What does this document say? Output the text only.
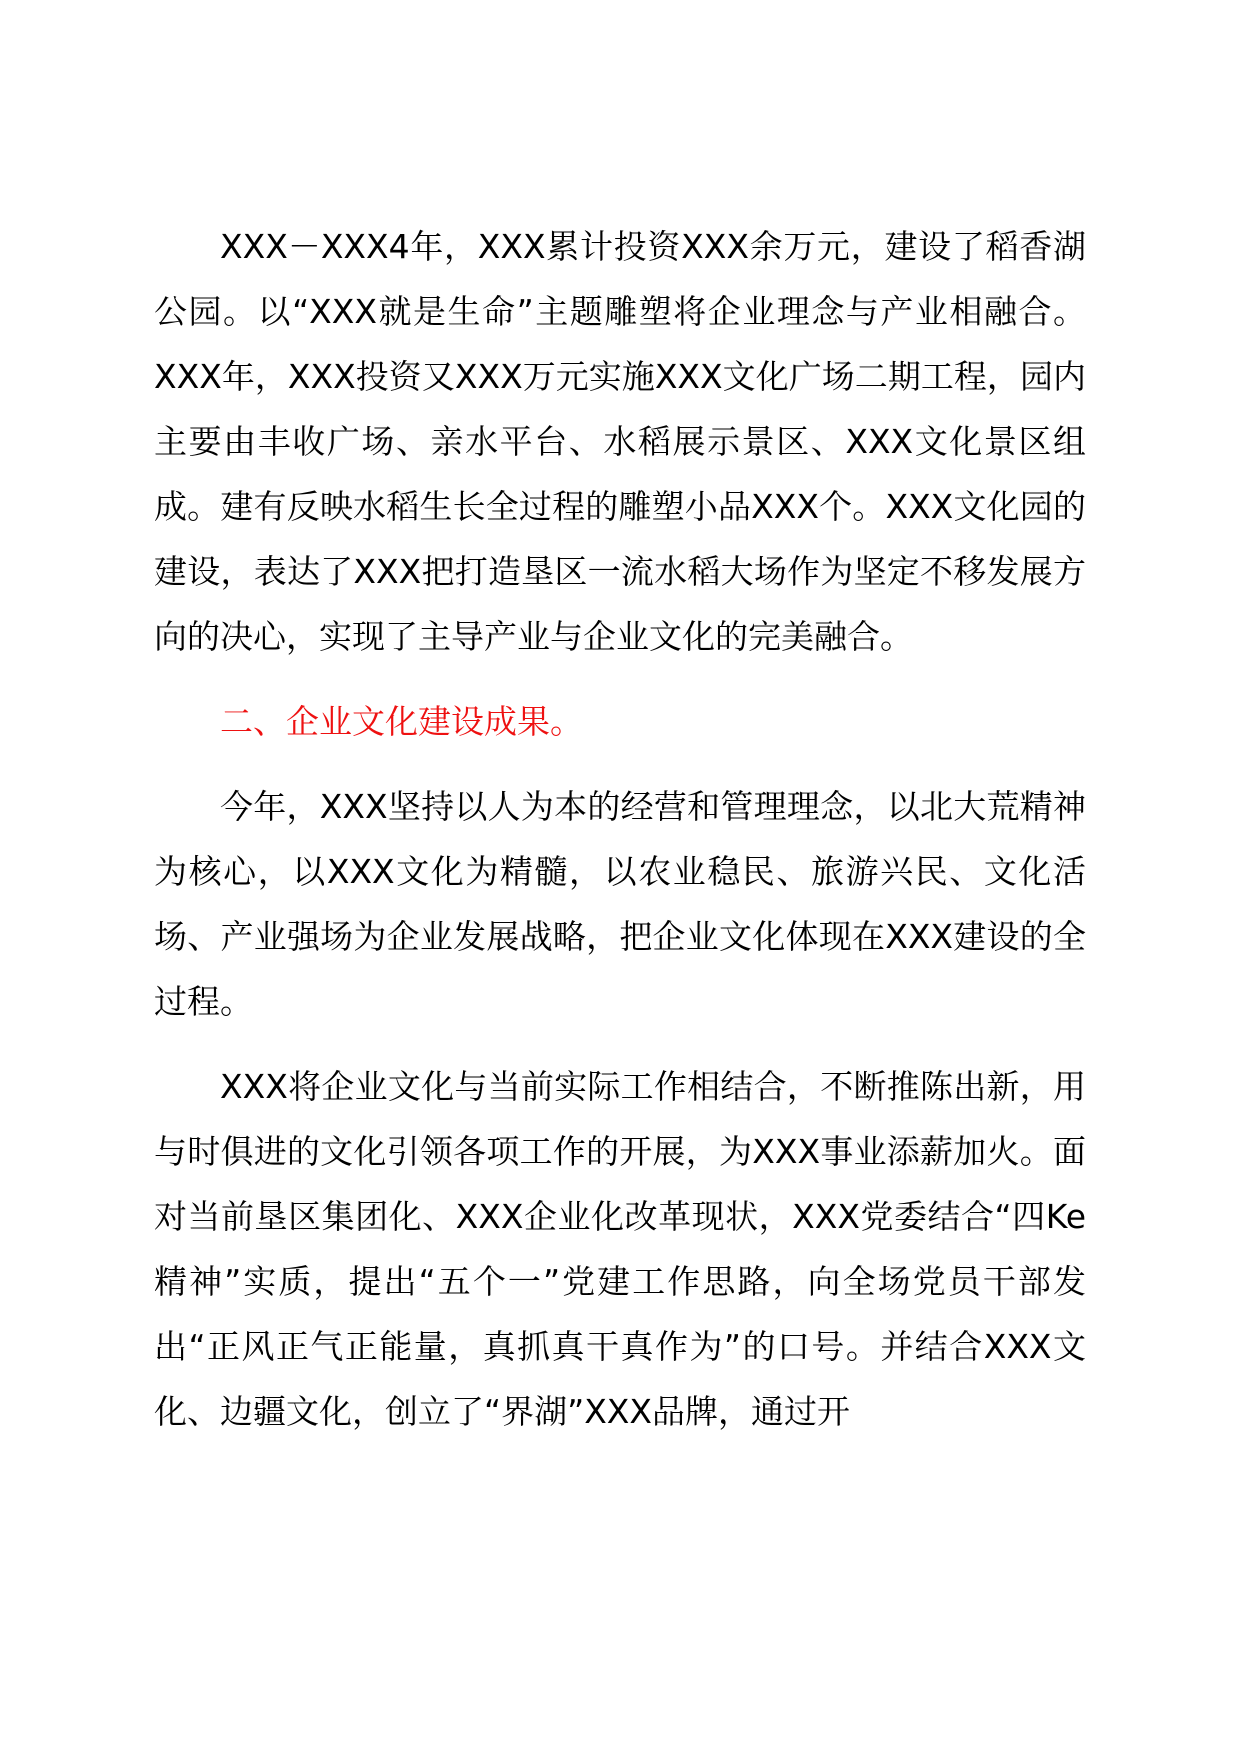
XXX－XXX4年，XXX累计投资XXX余万元，建设了稻香湖公园。以“XXX就是生命”主题雕塑将企业理念与产业相融合。XXX年，XXX投资又XXX万元实施XXX文化广场二期工程，园内主要由丰收广场、亲水平台、水稻展示景区、XXX文化景区组成。建有反映水稻生长全过程的雕塑小品XXX个。XXX文化园的建设，表达了XXX把打造垦区一流水稻大场作为坚定不移发展方向的决心，实现了主导产业与企业文化的完美融合。

二、企业文化建设成果。

今年，XXX坚持以人为本的经营和管理理念，以北大荒精神为核心，以XXX文化为精髓，以农业稳民、旅游兴民、文化活场、产业强场为企业发展战略，把企业文化体现在XXX建设的全过程。

XXX将企业文化与当前实际工作相结合，不断推陈出新，用与时俱进的文化引领各项工作的开展，为XXX事业添薪加火。面对当前垦区集团化、XXX企业化改革现状，XXX党委结合“四Ke精神”实质，提出“五个一”党建工作思路，向全场党员干部发出“正风正气正能量，真抓真干真作为”的口号。并结合XXX文化、边疆文化，创立了“界湖”XXX品牌，通过开
